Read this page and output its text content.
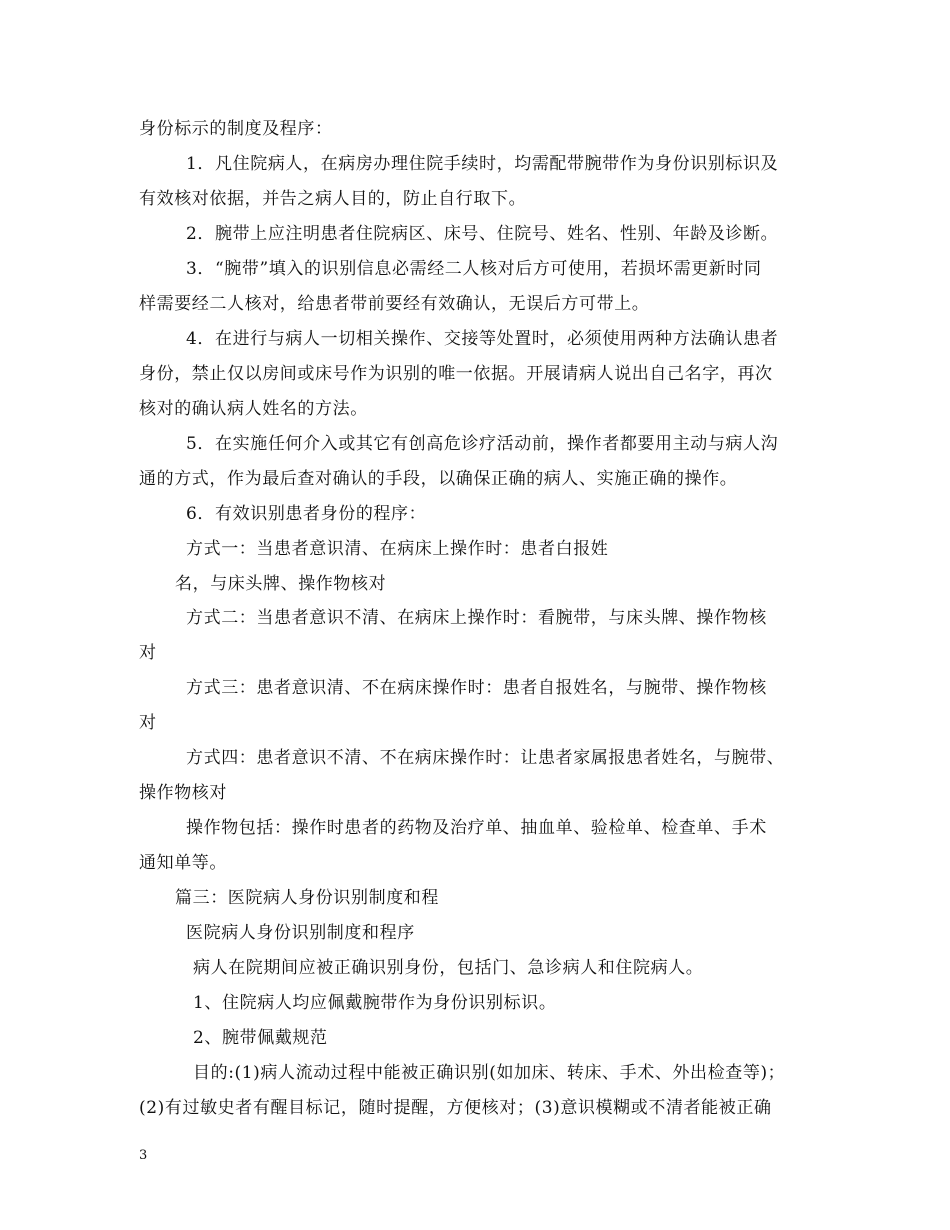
身份标示的制度及程序：
1．凡住院病人，在病房办理住院手续时，均需配带腕带作为身份识别标识及
有效核对依据，并告之病人目的，防止自行取下。
2．腕带上应注明患者住院病区、床号、住院号、姓名、性别、年龄及诊断。
3．“腕带”填入的识别信息必需经二人核对后方可使用，若损坏需更新时同
样需要经二人核对，给患者带前要经有效确认，无误后方可带上。
4．在进行与病人一切相关操作、交接等处置时，必须使用两种方法确认患者
身份，禁止仅以房间或床号作为识别的唯一依据。开展请病人说出自己名字，再次
核对的确认病人姓名的方法。
5．在实施任何介入或其它有创高危诊疗活动前，操作者都要用主动与病人沟
通的方式，作为最后查对确认的手段，以确保正确的病人、实施正确的操作。
6．有效识别患者身份的程序：
方式一：当患者意识清、在病床上操作时：患者白报姓
名，与床头牌、操作物核对
方式二：当患者意识不清、在病床上操作时：看腕带，与床头牌、操作物核
对
方式三：患者意识清、不在病床操作时：患者自报姓名，与腕带、操作物核
对
方式四：患者意识不清、不在病床操作时：让患者家属报患者姓名，与腕带、
操作物核对
操作物包括：操作时患者的药物及治疗单、抽血单、验检单、检查单、手术
通知单等。
篇三：医院病人身份识别制度和程
医院病人身份识别制度和程序
病人在院期间应被正确识别身份，包括门、急诊病人和住院病人。
1、住院病人均应佩戴腕带作为身份识别标识。
2、腕带佩戴规范
目的:(1)病人流动过程中能被正确识别(如加床、转床、手术、外出检查等)；
(2)有过敏史者有醒目标记，随时提醒，方便核对；(3)意识模糊或不清者能被正确
3
